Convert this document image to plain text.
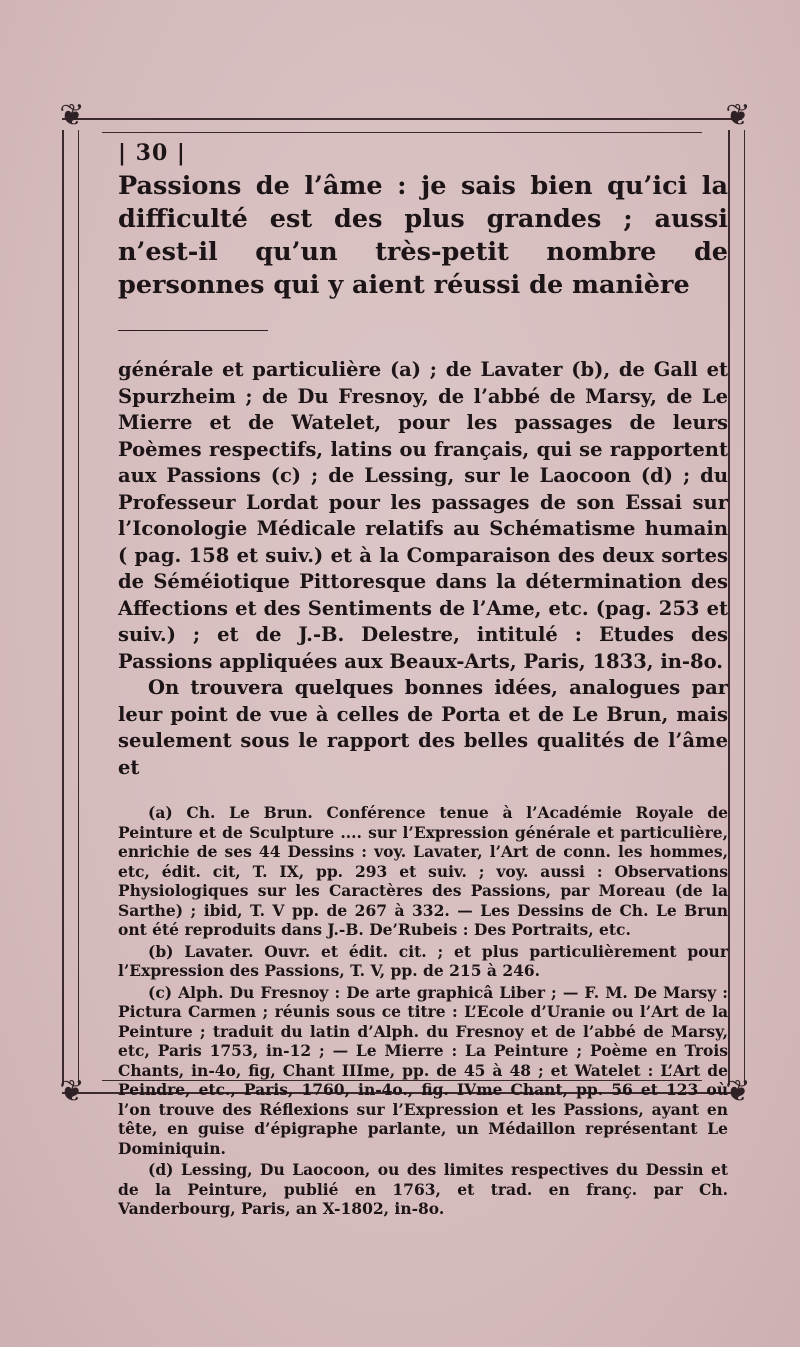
❦	❦
❦	❦

| 30 |

Passions de l’âme : je sais bien qu’ici la difficulté est des plus grandes ; aussi n’est-il qu’un très-petit nombre de personnes qui y aient réussi de manière

générale et particulière (a) ; de Lavater (b), de Gall et Spurzheim ; de Du Fresnoy, de l’abbé de Marsy, de Le Mierre et de Watelet, pour les passages de leurs Poèmes respectifs, latins ou français, qui se rapportent aux Passions (c) ; de Lessing, sur le Laocoon (d) ; du Professeur Lordat pour les passages de son Essai sur l’Iconologie Médicale relatifs au Schématisme humain ( pag. 158 et suiv.) et à la Comparaison des deux sortes de Séméiotique Pittoresque dans la détermination des Affections et des Sentiments de l’Ame, etc. (pag. 253 et suiv.) ; et de J.-B. Delestre, intitulé : Etudes des Passions appliquées aux Beaux-Arts, Paris, 1833, in-8o.

On trouvera quelques bonnes idées, analogues par leur point de vue à celles de Porta et de Le Brun, mais seulement sous le rapport des belles qualités de l’âme et

(a) Ch. Le Brun. Conférence tenue à l’Académie Royale de Peinture et de Sculpture .... sur l’Expression générale et particulière, enrichie de ses 44 Dessins : voy. Lavater, l’Art de conn. les hommes, etc, édit. cit, T. IX, pp. 293 et suiv. ; voy. aussi : Observations Physiologiques sur les Caractères des Passions, par Moreau (de la Sarthe) ; ibid, T. V pp. de 267 à 332. — Les Dessins de Ch. Le Brun ont été reproduits dans J.-B. De’Rubeis : Des Portraits, etc.

(b) Lavater. Ouvr. et édit. cit. ; et plus particulièrement pour l’Expression des Passions, T. V, pp. de 215 à 246.

(c) Alph. Du Fresnoy : De arte graphicâ Liber ; — F. M. De Marsy : Pictura Carmen ; réunis sous ce titre : L’Ecole d’Uranie ou l’Art de la Peinture ; traduit du latin d’Alph. du Fresnoy et de l’abbé de Marsy, etc, Paris 1753, in-12 ; — Le Mierre : La Peinture ; Poème en Trois Chants, in-4o, fig, Chant IIIme, pp. de 45 à 48 ; et Watelet : L’Art de Peindre, etc., Paris, 1760, in-4o., fig. IVme Chant, pp. 56 et 123 où l’on trouve des Réflexions sur l’Expression et les Passions, ayant en tête, en guise d’épigraphe parlante, un Médaillon représentant Le Dominiquin.

(d) Lessing, Du Laocoon, ou des limites respectives du Dessin et de la Peinture, publié en 1763, et trad. en franç. par Ch. Vanderbourg, Paris, an X-1802, in-8o.
